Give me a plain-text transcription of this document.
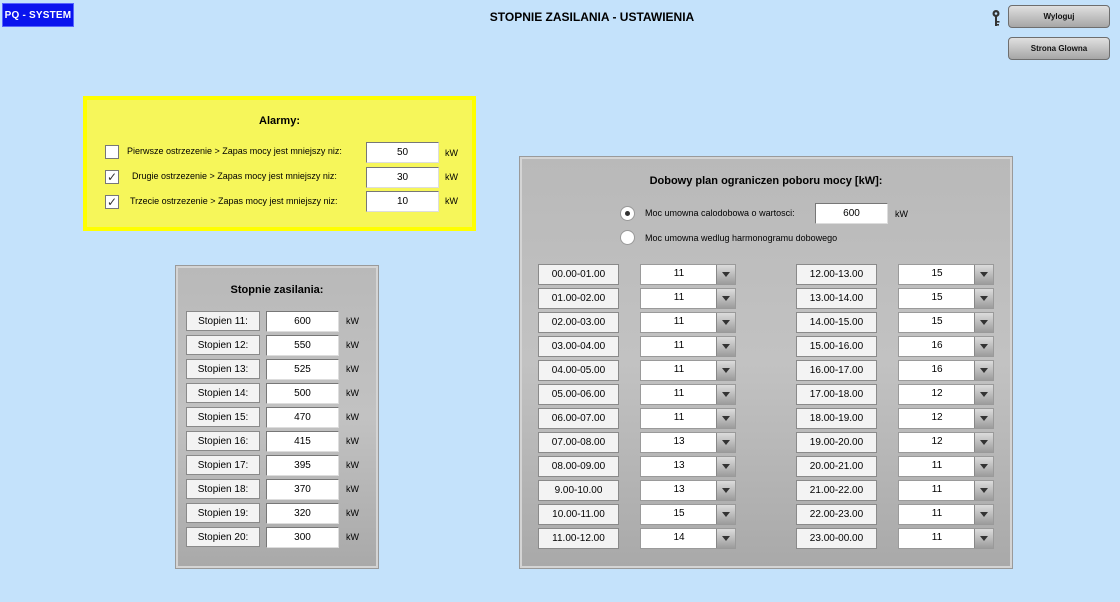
PQ - SYSTEM	STOPNIE ZASILANIA - USTAWIENIA	Wyloguj
Strona Glowna
Alarmy:
Pierwsze ostrzezenie > Zapas mocy jest mniejszy niz:	50	kW
✓ Drugie ostrzezenie > Zapas mocy jest mniejszy niz:	30	kW
✓ Trzecie ostrzezenie > Zapas mocy jest mniejszy niz:	10	kW
Stopnie zasilania:
Dobowy plan ograniczen poboru mocy [kW]:
Moc umowna calodobowa o wartosci:	600	kW
Moc umowna wedlug harmonogramu dobowego
Stopien 11:	600	kW
Stopien 12:	550	kW
Stopien 13:	525	kW
Stopien 14:	500	kW
Stopien 15:	470	kW
Stopien 16:	415	kW
Stopien 17:	395	kW
Stopien 18:	370	kW
Stopien 19:	320	kW
Stopien 20:	300	kW
00.00-01.00	11
01.00-02.00	11
02.00-03.00	11
03.00-04.00	11
04.00-05.00	11
05.00-06.00	11
06.00-07.00	11
07.00-08.00	13
08.00-09.00	13
9.00-10.00	13
10.00-11.00	15
11.00-12.00	14
12.00-13.00	15
13.00-14.00	15
14.00-15.00	15
15.00-16.00	16
16.00-17.00	16
17.00-18.00	12
18.00-19.00	12
19.00-20.00	12
20.00-21.00	11
21.00-22.00	11
22.00-23.00	11
23.00-00.00	11
